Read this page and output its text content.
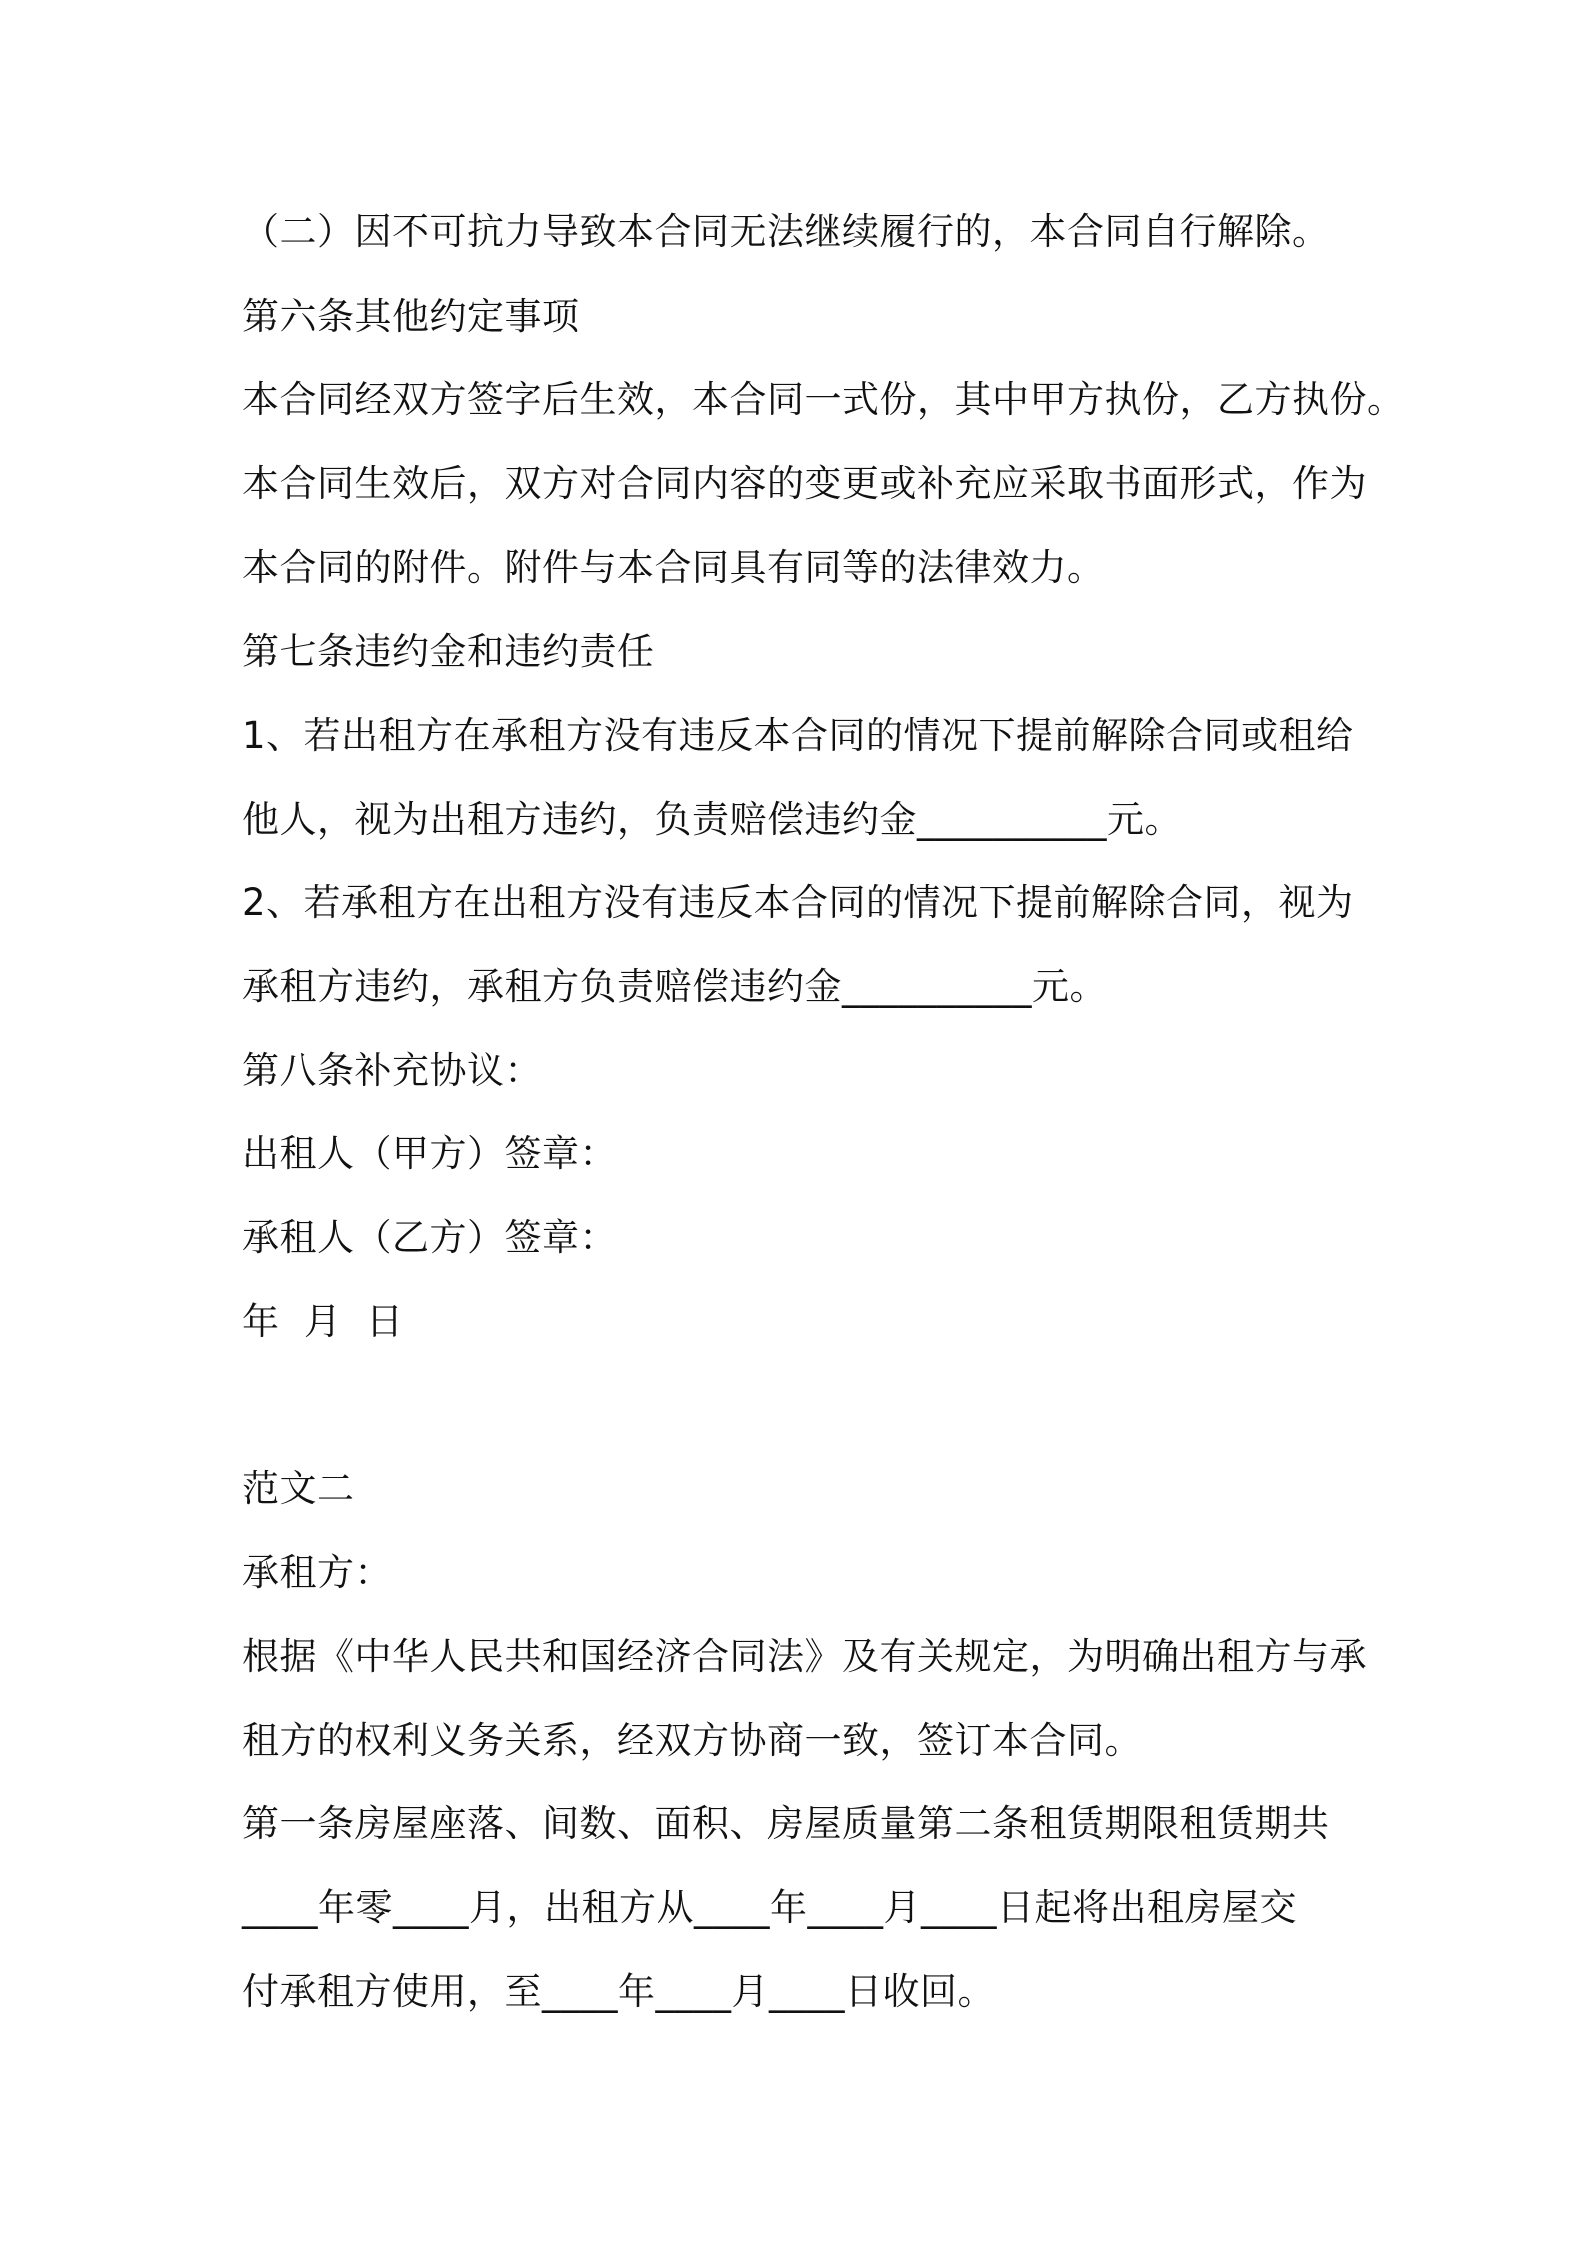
（二）因不可抗力导致本合同无法继续履行的，本合同自行解除。
第六条其他约定事项
本合同经双方签字后生效，本合同一式份，其中甲方执份，乙方执份。
本合同生效后，双方对合同内容的变更或补充应采取书面形式，作为
本合同的附件。附件与本合同具有同等的法律效力。
第七条违约金和违约责任
1、若出租方在承租方没有违反本合同的情况下提前解除合同或租给
他人，视为出租方违约，负责赔偿违约金__________元。
2、若承租方在出租方没有违反本合同的情况下提前解除合同，视为
承租方违约，承租方负责赔偿违约金__________元。
第八条补充协议：
出租人（甲方）签章：
承租人（乙方）签章：
年  月  日
范文二
承租方：
根据《中华人民共和国经济合同法》及有关规定，为明确出租方与承
租方的权利义务关系，经双方协商一致，签订本合同。
第一条房屋座落、间数、面积、房屋质量第二条租赁期限租赁期共
____年零____月，出租方从____年____月____日起将出租房屋交
付承租方使用，至____年____月____日收回。
